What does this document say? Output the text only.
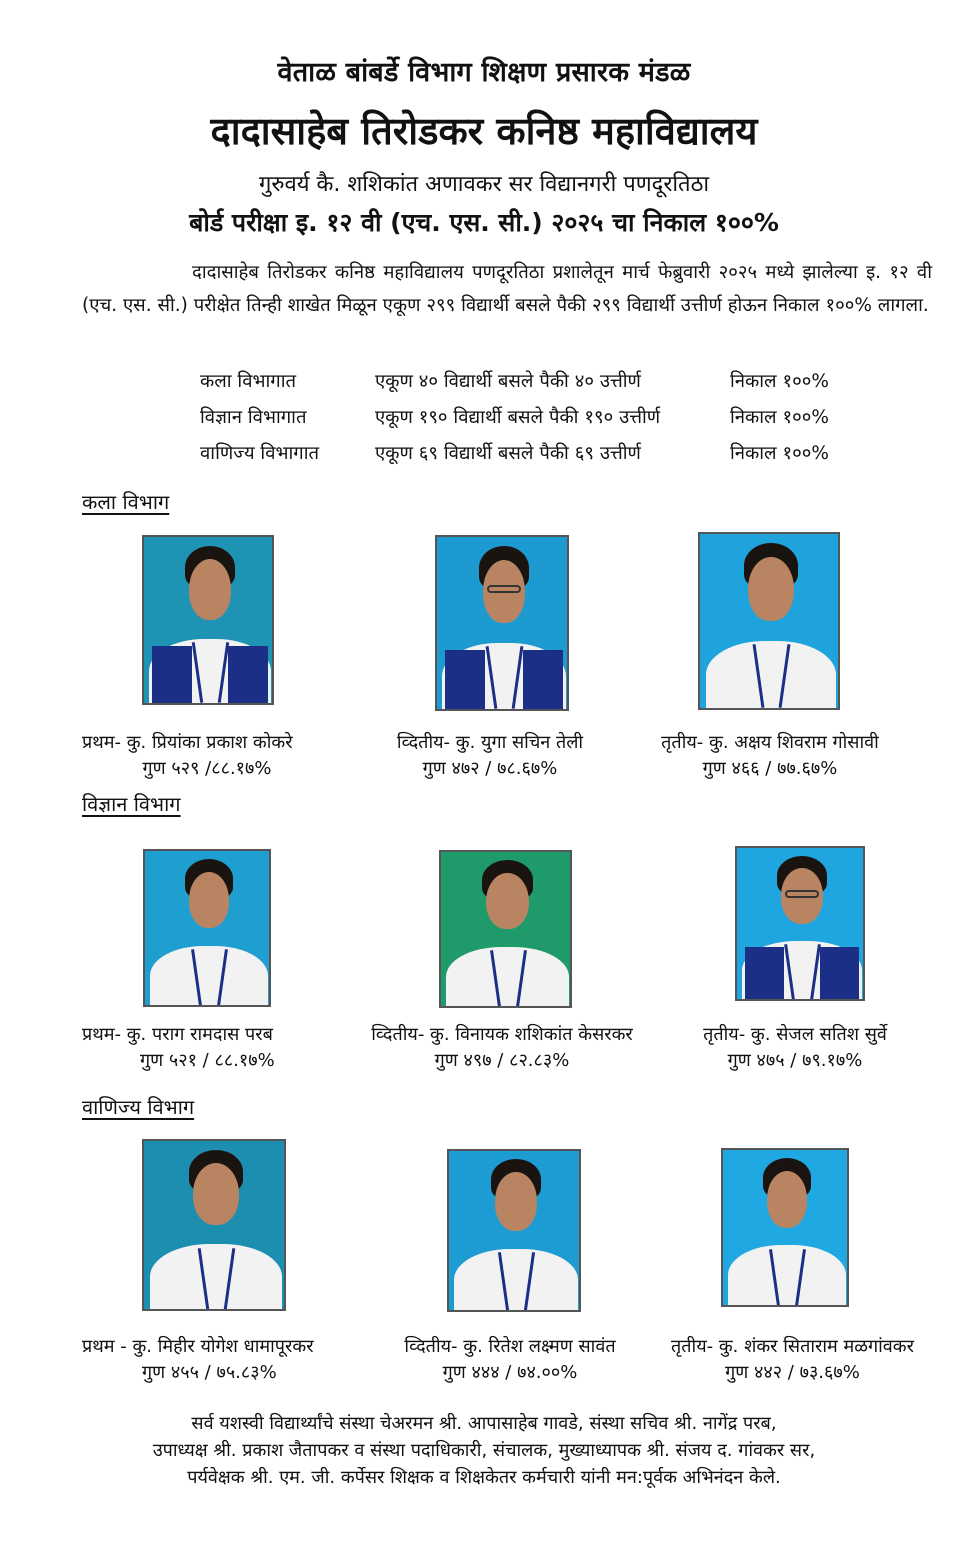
वेताळ बांबर्डे विभाग शिक्षण प्रसारक मंडळ
दादासाहेब तिरोडकर कनिष्ठ महाविद्यालय
गुरुवर्य कै. शशिकांत अणावकर सर विद्यानगरी पणदूरतिठा
बोर्ड परीक्षा इ. १२ वी (एच. एस. सी.) २०२५ चा निकाल १००%
दादासाहेब तिरोडकर कनिष्ठ महाविद्यालय पणदूरतिठा प्रशालेतून मार्च फेब्रुवारी २०२५ मध्ये झालेल्या इ. १२ वी (एच. एस. सी.) परीक्षेत तिन्ही शाखेत मिळून एकूण २९९ विद्यार्थी बसले पैकी २९९ विद्यार्थी उत्तीर्ण होऊन निकाल १००% लागला.
कला विभागात	एकूण ४० विद्यार्थी बसले पैकी ४० उत्तीर्ण	निकाल १००%
विज्ञान विभागात	एकूण १९० विद्यार्थी बसले पैकी १९० उत्तीर्ण	निकाल १००%
वाणिज्य विभागात	एकूण ६९ विद्यार्थी बसले पैकी ६९ उत्तीर्ण	निकाल १००%
कला विभाग
विज्ञान विभाग
वाणिज्य विभाग
प्रथम- कु. प्रियांका प्रकाश कोकरे
गुण ५२९ /८८.१७%
व्दितीय- कु. युगा सचिन तेली
गुण ४७२ / ७८.६७%
तृतीय- कु. अक्षय शिवराम गोसावी
गुण ४६६ / ७७.६७%
प्रथम- कु. पराग रामदास परब
गुण ५२१ / ८८.१७%
व्दितीय- कु. विनायक शशिकांत केसरकर
गुण ४९७ / ८२.८३%
तृतीय- कु. सेजल सतिश सुर्वे
गुण ४७५ / ७९.१७%
प्रथम - कु. मिहीर योगेश धामापूरकर
गुण ४५५ / ७५.८३%
व्दितीय- कु. रितेश लक्ष्मण सावंत
गुण ४४४ / ७४.००%
तृतीय- कु. शंकर सिताराम मळगांवकर
गुण ४४२ / ७३.६७%
सर्व यशस्वी विद्यार्थ्यांचे संस्था चेअरमन श्री. आपासाहेब गावडे, संस्था सचिव श्री. नागेंद्र परब,
उपाध्यक्ष श्री. प्रकाश जैतापकर व संस्था पदाधिकारी, संचालक, मुख्याध्यापक श्री. संजय द. गांवकर सर,
पर्यवेक्षक श्री. एम. जी. कर्पेसर शिक्षक व शिक्षकेतर कर्मचारी यांनी मन:पूर्वक अभिनंदन केले.
